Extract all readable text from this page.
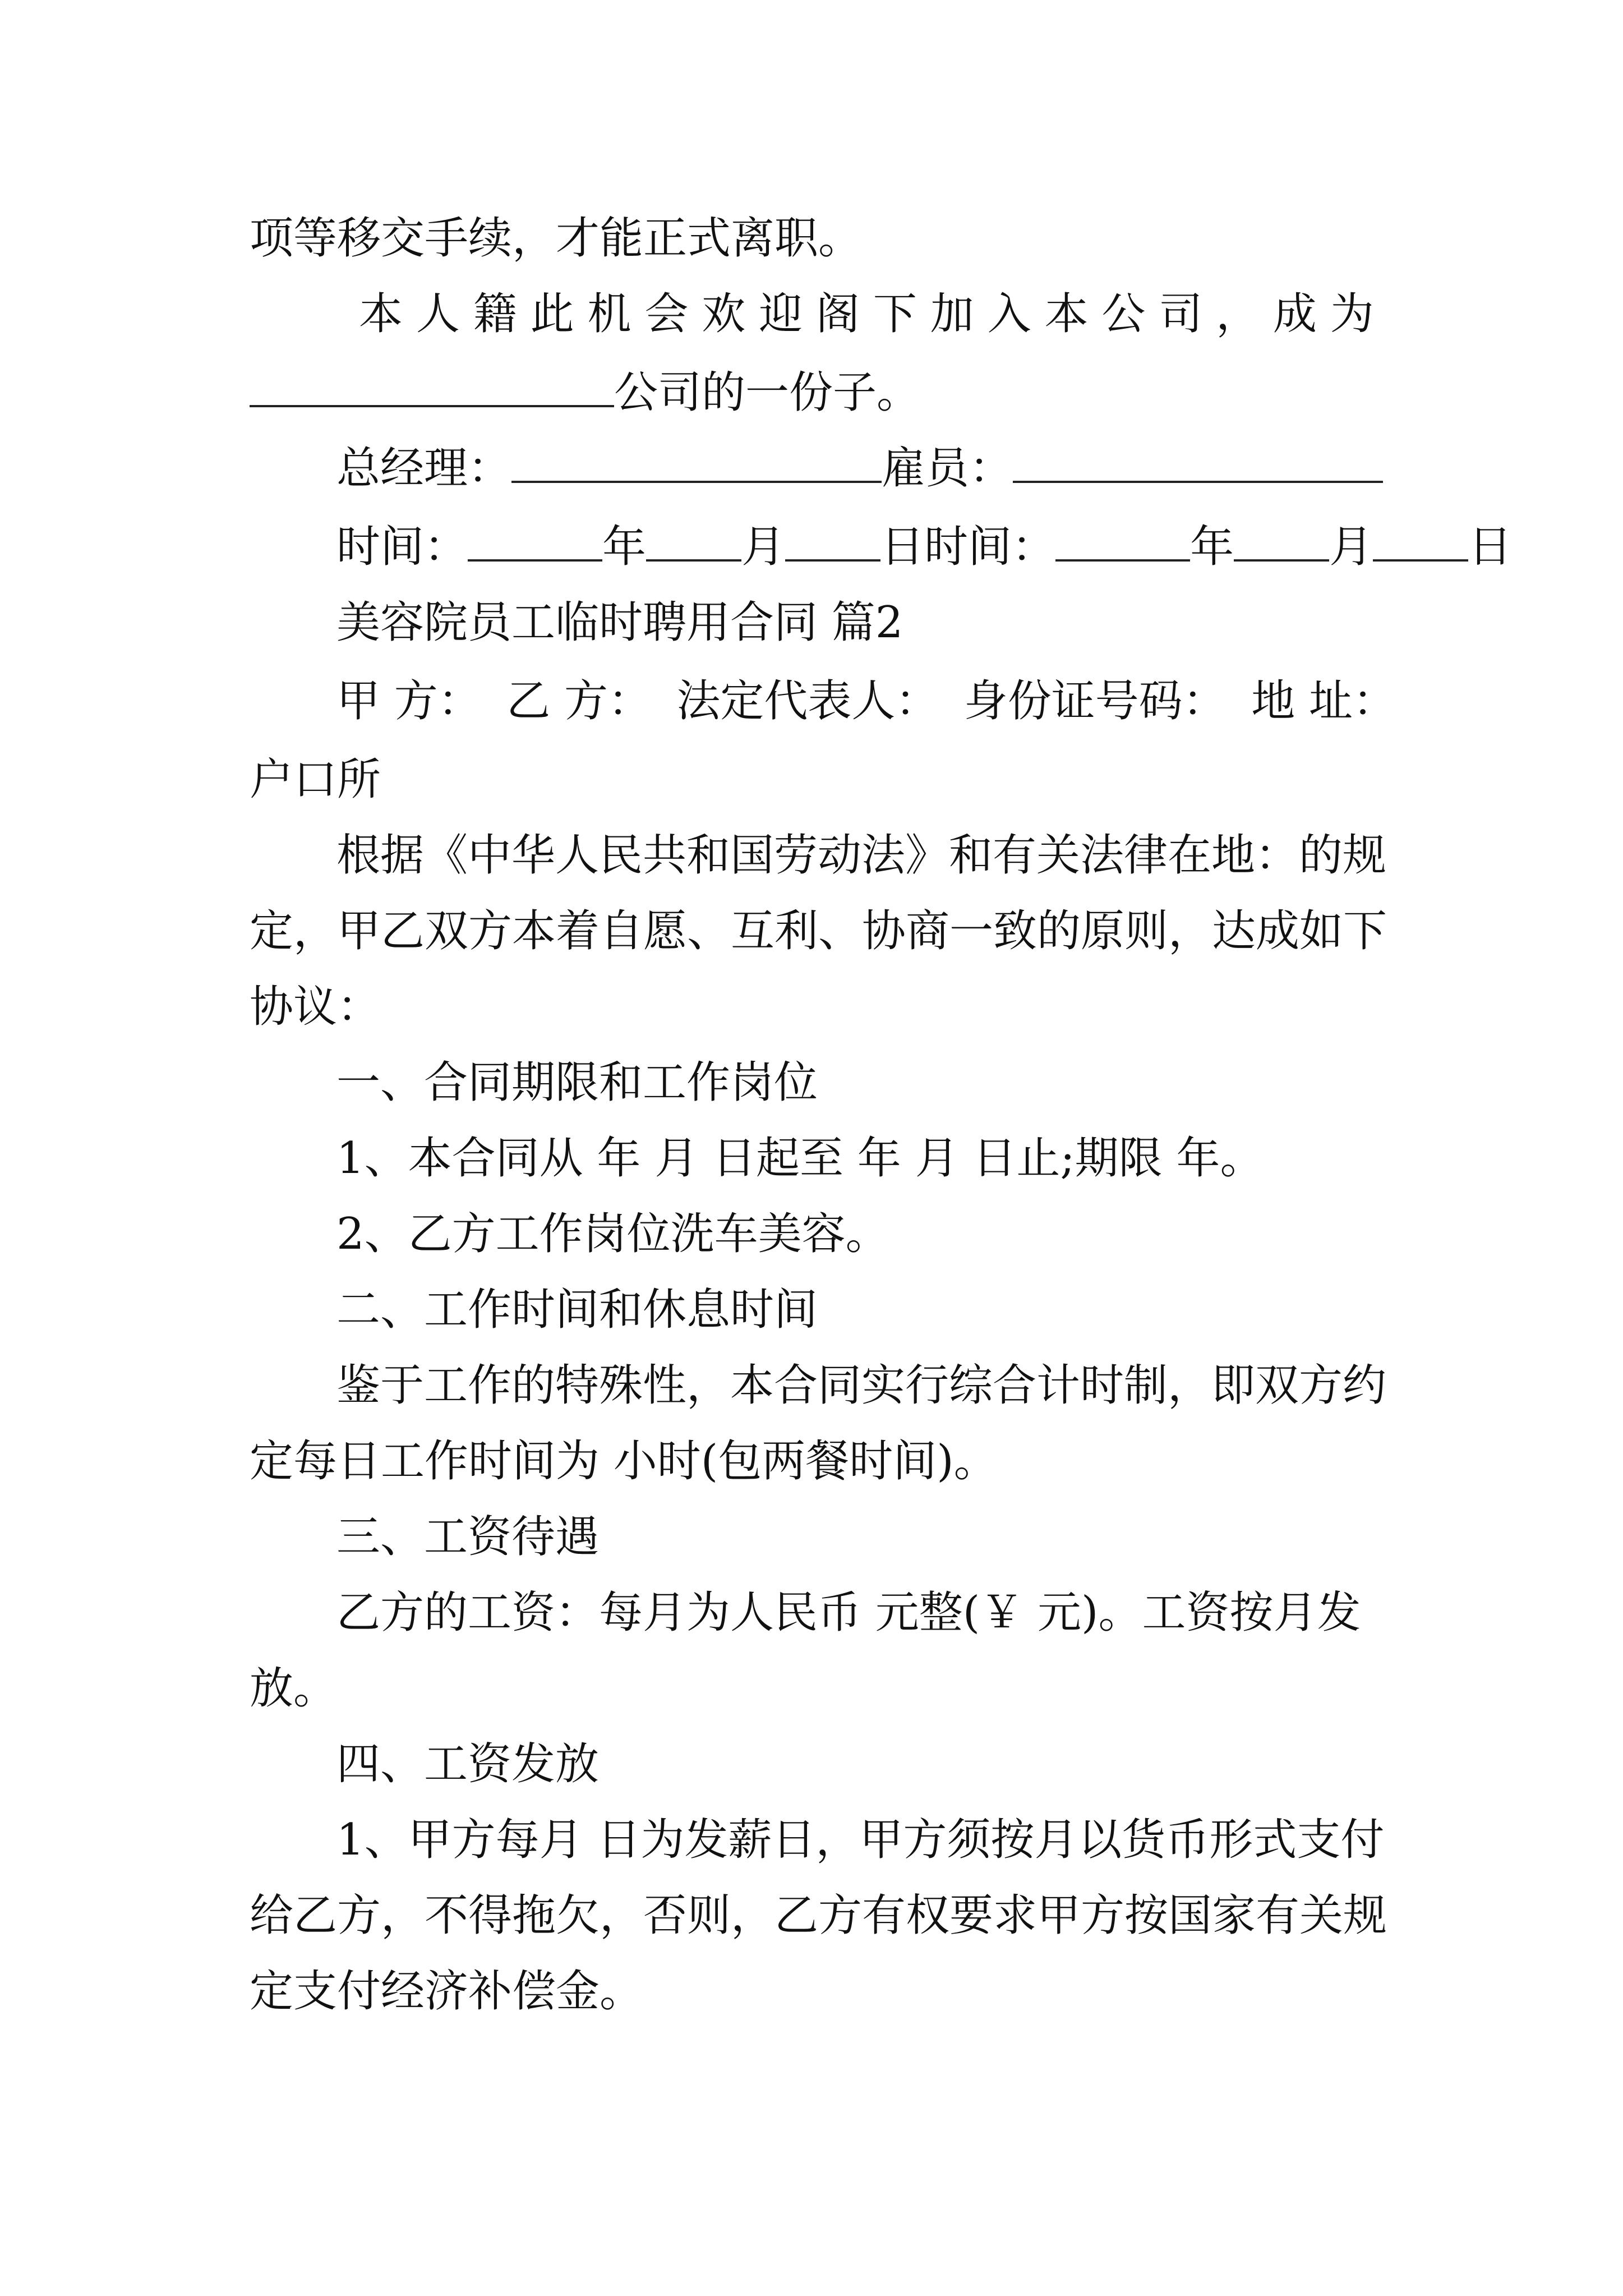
项等移交手续，才能正式离职。
本 人 籍 此 机 会 欢 迎 阁 下 加 入 本 公 司 ， 成 为
公司的一份子。
总经理：	雇员：
时间：	年 月 日时间：	年 月 日
美容院员工临时聘用合同 篇2
甲 方： 乙 方： 法定代表人： 身份证号码： 地 址：
户口所
根据《中华人民共和国劳动法》和有关法律在地：的规
定，甲乙双方本着自愿、互利、协商一致的原则，达成如下
协议：
一、合同期限和工作岗位
1、本合同从 年 月 日起至 年 月 日止;期限 年。
2、乙方工作岗位洗车美容。
二、工作时间和休息时间
鉴于工作的特殊性，本合同实行综合计时制，即双方约
定每日工作时间为 小时(包两餐时间)。
三、工资待遇
乙方的工资：每月为人民币 元整(￥ 元)。工资按月发
放。
四、工资发放
1、甲方每月 日为发薪日，甲方须按月以货币形式支付
给乙方，不得拖欠，否则，乙方有权要求甲方按国家有关规
定支付经济补偿金。
